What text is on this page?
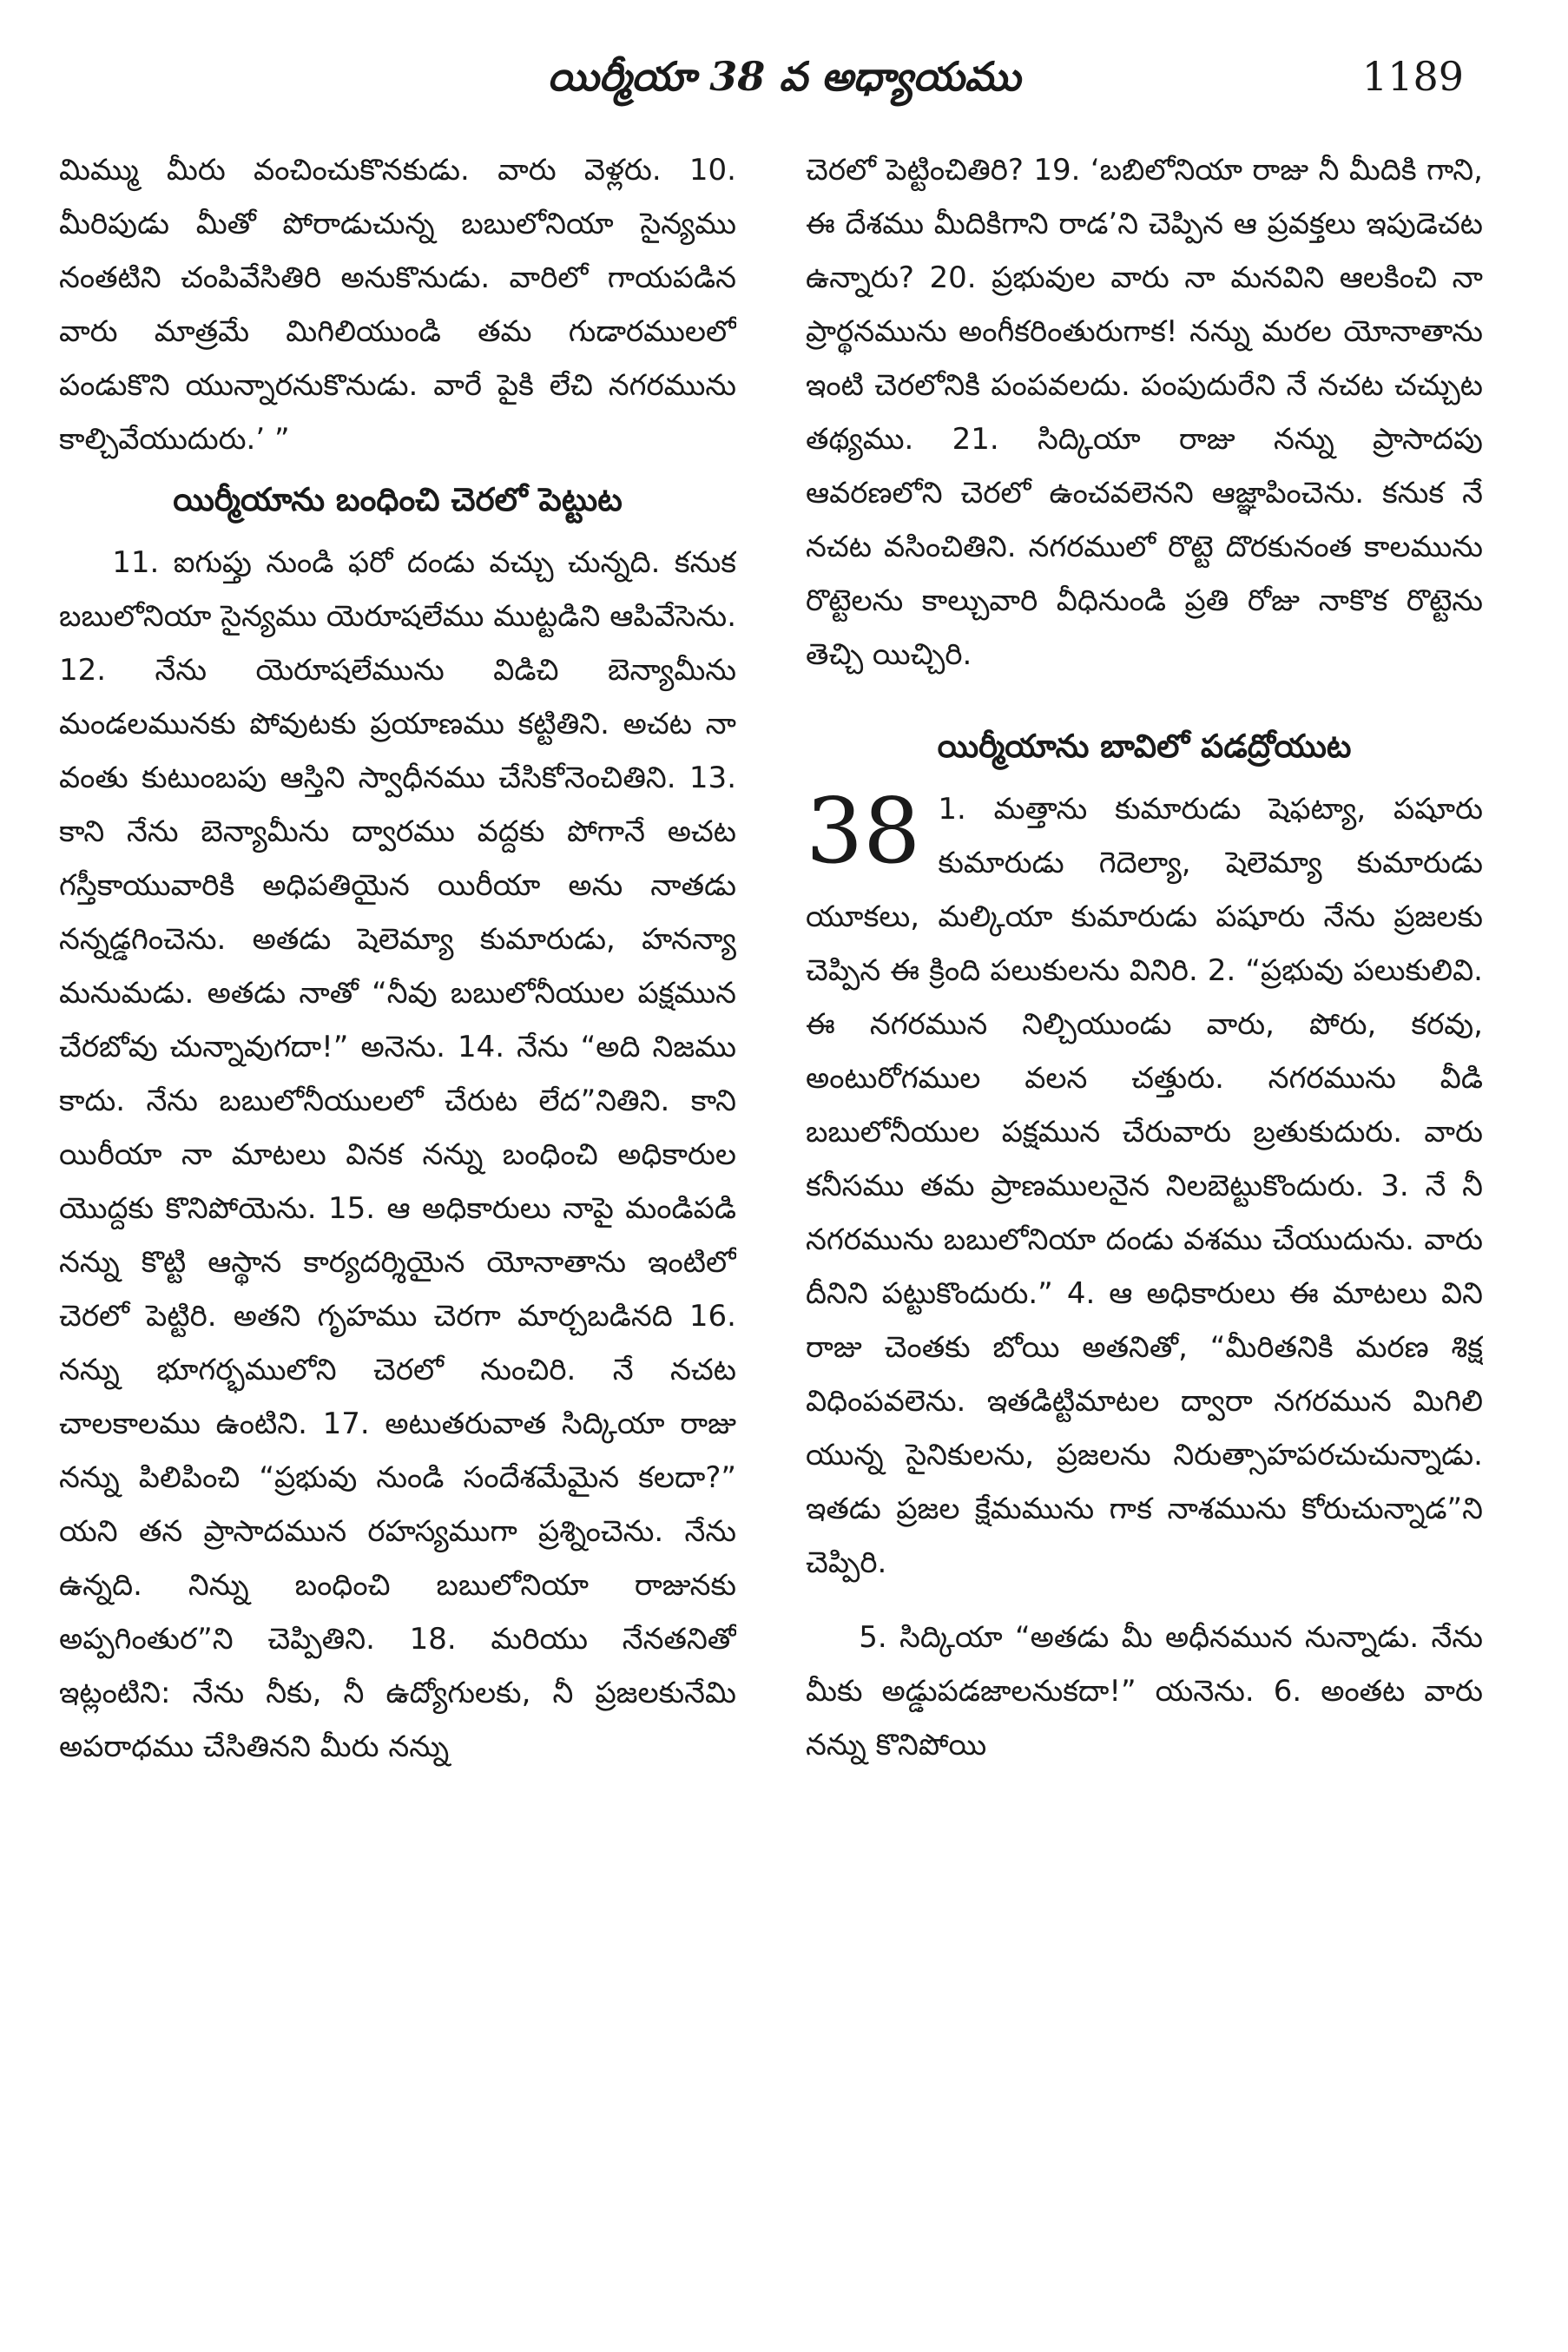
యిర్మీయా 38 వ అధ్యాయము	1189

మిమ్ము మీరు వంచించుకొనకుడు. వారు వెళ్లరు. 10. మీరిపుడు మీతో పోరాడుచున్న బబులోనియా సైన్యము నంతటిని చంపివేసితిరి అనుకొనుడు. వారిలో గాయపడిన వారు మాత్రమే మిగిలియుండి తమ గుడారములలో పండుకొని యున్నారనుకొనుడు. వారే పైకి లేచి నగరమును కాల్చివేయుదురు.’ ”

యిర్మీయాను బంధించి చెరలో పెట్టుట

11. ఐగుప్తు నుండి ఫరో దండు వచ్చు చున్నది. కనుక బబులోనియా సైన్యము యెరూషలేము ముట్టడిని ఆపివేసెను. 12. నేను యెరూషలేమును విడిచి బెన్యామీను మండలమునకు పోవుటకు ప్రయాణము కట్టితిని. అచట నా వంతు కుటుంబపు ఆస్తిని స్వాధీనము చేసికోనెంచితిని. 13. కాని నేను బెన్యామీను ద్వారము వద్దకు పోగానే అచట గస్తీకాయువారికి అధిపతియైన యిరీయా అను నాతడు నన్నడ్డగించెను. అతడు షెలెమ్యా కుమారుడు, హనన్యా మనుమడు. అతడు నాతో “నీవు బబులోనీయుల పక్షమున చేరబోవు చున్నావుగదా!” అనెను. 14. నేను “అది నిజము కాదు. నేను బబులోనీయులలో చేరుట లేద”నితిని. కాని యిరీయా నా మాటలు వినక నన్ను బంధించి అధికారుల యొద్దకు కొనిపోయెను. 15. ఆ అధికారులు నాపై మండిపడి నన్ను కొట్టి ఆస్థాన కార్యదర్శియైన యోనాతాను ఇంటిలో చెరలో పెట్టిరి. అతని గృహము చెరగా మార్చబడినది 16. నన్ను భూగర్భములోని చెరలో నుంచిరి. నే నచట చాలకాలము ఉంటిని. 17. అటుతరువాత సిద్కియా రాజు నన్ను పిలిపించి “ప్రభువు నుండి సందేశమేమైన కలదా?” యని తన ప్రాసాదమున రహస్యముగా ప్రశ్నించెను. నేను ఉన్నది. నిన్ను బంధించి బబులోనియా రాజునకు అప్పగింతుర”ని చెప్పితిని. 18. మరియు నేనతనితో ఇట్లంటిని: నేను నీకు, నీ ఉద్యోగులకు, నీ ప్రజలకునేమి అపరాధము చేసితినని మీరు నన్ను

చెరలో పెట్టించితిరి? 19. ‘బబిలోనియా రాజు నీ మీదికి గాని, ఈ దేశము మీదికిగాని రాడ’ని చెప్పిన ఆ ప్రవక్తలు ఇపుడెచట ఉన్నారు? 20. ప్రభువుల వారు నా మనవిని ఆలకించి నా ప్రార్థనమును అంగీకరింతురుగాక! నన్ను మరల యోనాతాను ఇంటి చెరలోనికి పంపవలదు. పంపుదురేని నే నచట చచ్చుట తథ్యము. 21. సిద్కియా రాజు నన్ను ప్రాసాదపు ఆవరణలోని చెరలో ఉంచవలెనని ఆజ్ఞాపించెను. కనుక నే నచట వసించితిని. నగరములో రొట్టె దొరకునంత కాలమును రొట్టెలను కాల్చువారి వీధినుండి ప్రతి రోజు నాకొక రొట్టెను తెచ్చి యిచ్చిరి.

యిర్మీయాను బావిలో పడద్రోయుట

38 1. మత్తాను కుమారుడు షెఫట్యా, పషూరు కుమారుడు గెదెల్యా, షెలెమ్యా కుమారుడు యూకలు, మల్కియా కుమారుడు పషూరు నేను ప్రజలకు చెప్పిన ఈ క్రింది పలుకులను వినిరి. 2. “ప్రభువు పలుకులివి. ఈ నగరమున నిల్చియుండు వారు, పోరు, కరవు, అంటురోగముల వలన చత్తురు. నగరమును వీడి బబులోనీయుల పక్షమున చేరువారు బ్రతుకుదురు. వారు కనీసము తమ ప్రాణములనైన నిలబెట్టుకొందురు. 3. నే నీ నగరమును బబులోనియా దండు వశము చేయుదును. వారు దీనిని పట్టుకొందురు.” 4. ఆ అధికారులు ఈ మాటలు విని రాజు చెంతకు బోయి అతనితో, “మీరితనికి మరణ శిక్ష విధింపవలెను. ఇతడిట్టిమాటల ద్వారా నగరమున మిగిలి యున్న సైనికులను, ప్రజలను నిరుత్సాహపరచుచున్నాడు. ఇతడు ప్రజల క్షేమమును గాక నాశమును కోరుచున్నాడ”ని చెప్పిరి.

5. సిద్కియా “అతడు మీ అధీనమున నున్నాడు. నేను మీకు అడ్డుపడజాలనుకదా!” యనెను. 6. అంతట వారు నన్ను కొనిపోయి
